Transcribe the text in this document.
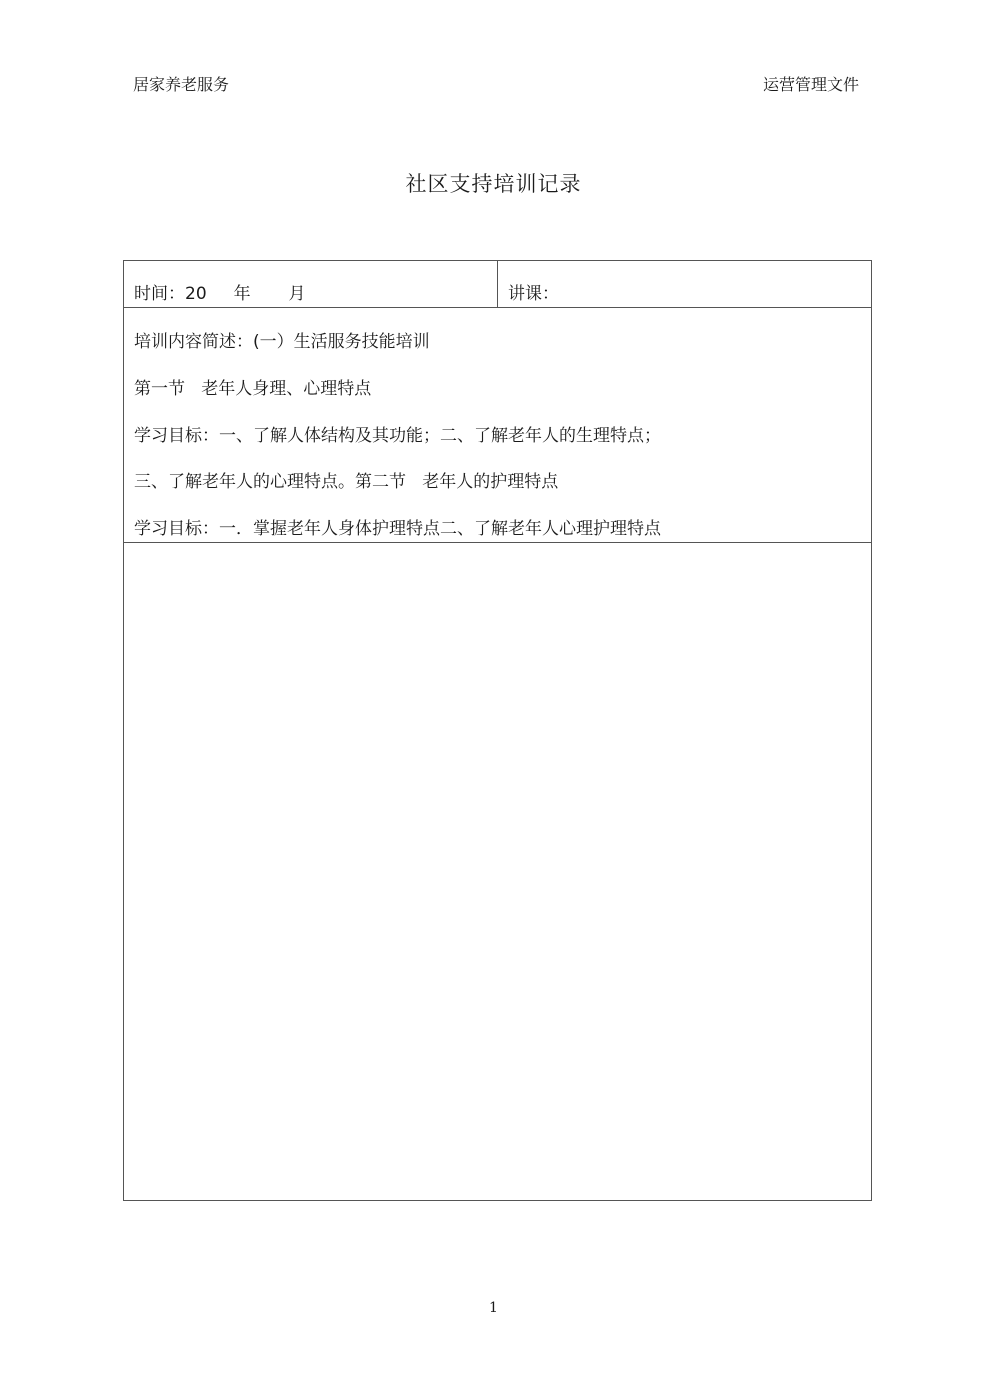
居家养老服务	运营管理文件
社区支持培训记录
时间：20     年       月	讲课：
培训内容简述：(一）生活服务技能培训
第一节   老年人身理、心理特点
学习目标：一、了解人体结构及其功能；二、了解老年人的生理特点；
三、了解老年人的心理特点。第二节   老年人的护理特点
学习目标：一．掌握老年人身体护理特点二、了解老年人心理护理特点
1
